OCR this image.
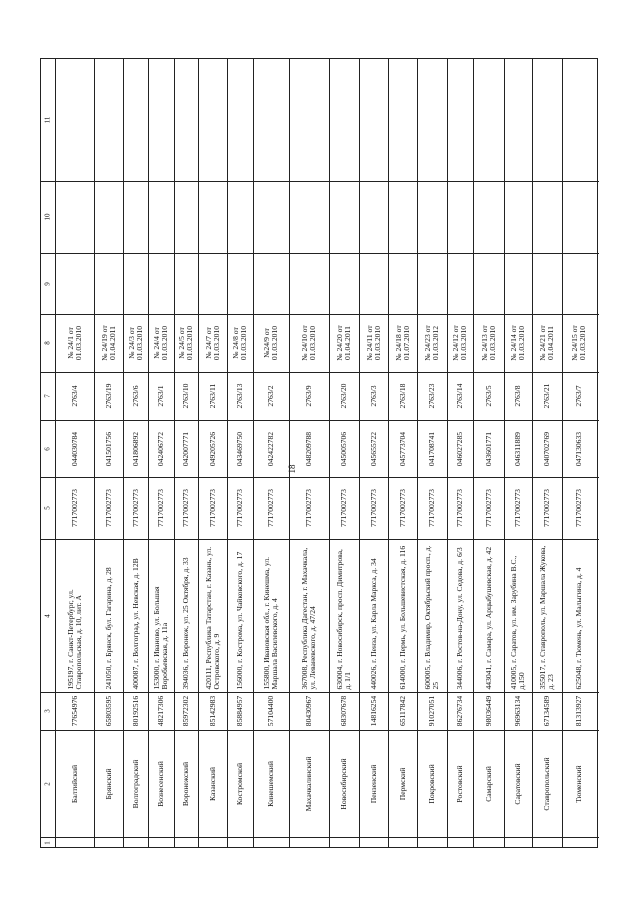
18
1
2
3
4
5
6
7
8
9
10
11
Балтийский
77654976
195197, г. Санкт-Петербург, ул. Ставропольская, д. 10, лит. А
7717002773
044030784
2763/4
№ 24/1 от 01.03.2010
Брянский
65803595
241050, г. Брянск, бул. Гагарина, д. 28
7717002773
041501756
2763/19
№ 24/19 от 01.04.2011
Волгоградский
80192516
400087, г. Волгоград, ул. Невская, д. 12В
7717002773
041806892
2763/6
№ 24/3 от 01.03.2010
Вознесенский
48217306
153000, г. Иваново, ул. Большая Воробьевская, д. 11а
7717002773
042406772
2763/1
№ 24/4 от 01.03.2010
Воронежский
85972302
394036, г. Воронеж, ул. 25 Октября, д. 33
7717002773
042007771
2763/10
№ 24/5 от 01.03.2010
Казанский
85142983
420111, Республика Татарстан, г. Казань, ул. Островского, д. 9
7717002773
049205726
2763/11
№ 24/7 от 01.03.2010
Костромской
85884957
156000, г. Кострома, ул. Чайковского, д. 17
7717002773
043469750
2763/13
№ 24/8 от 01.03.2010
Кинешемский
57104400
155800, Ивановская обл., г. Кинешма, ул. Маршала Василевского, д. 4
7717002773
042422782
2763/2
№24/9 от 01.03.2010
Махачкалинский
80430967
367008, Республика Дагестан, г. Махачкала, ул. Леваневского, д. 47/24
7717002773
048209788
2763/9
№ 24/10 от 01.03.2010
Новосибирский
68307678
630004, г. Новосибирск, просп. Димитрова, д. 1/1
7717002773
045005706
2763/20
№ 24/20 от 01.04.2011
Пензенский
14816254
440026, г. Пенза, ул. Карла Маркса, д. 34
7717002773
045655722
2763/3
№ 24/11 от 01.03.2010
Пермский
65117842
614000, г. Пермь, ул. Большевистская, д. 116
7717002773
045773704
2763/18
№ 24/18 от 01.07.2010
Покровский
91027051
600005, г. Владимир, Октябрьский просп., д. 25
7717002773
041708741
2763/23
№ 24/23 от 01.03.2012
Ростовский
86276734
344006, г. Ростов-на-Дону, ул. Седова, д. 6/3
7717002773
046027285
2763/14
№ 24/12 от 01.03.2010
Самарский
98036449
443041, г. Самара, ул. Арцыбушевская, д. 42
7717002773
043601771
2763/5
№ 24/13 от 01.03.2010
Саратовский
96963134
410005, г. Саратов, ул. им. Зарубина В.С., д.150
7717002773
046311889
2763/8
№ 24/14 от 01.03.2010
Ставропольский
67134589
355017, г. Ставрополь, ул. Маршала Жукова, д. 23
7717002773
040702769
2763/21
№ 24/21 от 01.04.2011
Тюменский
81313927
625048, г. Тюмень, ул. Малыгина, д. 4
7717002773
047130633
2763/7
№ 24/15 от 01.03.2010
